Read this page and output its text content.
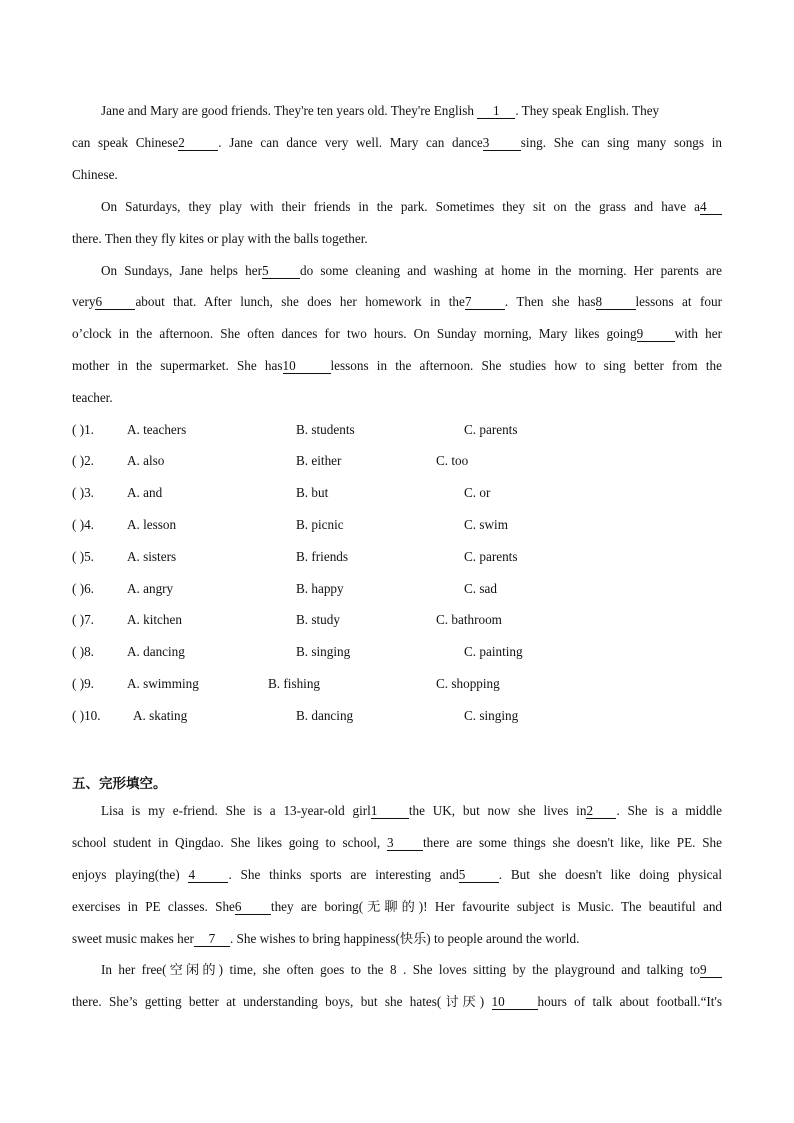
Jane and Mary are good friends. They're ten years old. They're English 1 . They speak English. They
can speak Chinese2	. Jane can dance very well. Mary can dance3 sing. She can sing many songs in
Chinese.
On Saturdays, they play with their friends in the park. Sometimes they sit on the grass and have a4
there. Then they fly kites or play with the balls together.
On Sundays, Jane helps her5 do some cleaning and washing at home in the morning. Her parents are
very6	about that. After lunch, she does her homework in the7	. Then she has8	lessons at four
o’clock in the afternoon. She often dances for two hours. On Sunday morning, Mary likes going9 with her
mother in the supermarket. She has10	lessons in the afternoon. She studies how to sing better from the
teacher.
( )1.	A. teachers	B. students	C. parents
( )2.	A. also	B. either	C. too
( )3.	A. and	B. but	C. or
( )4.	A. lesson	B. picnic	C. swim
( )5.	A. sisters	B. friends	C. parents
( )6.	A. angry	B. happy	C. sad
( )7.	A. kitchen	B. study	C. bathroom
( )8.	A. dancing	B. singing	C. painting
( )9.	A. swimming	B. fishing	C. shopping
( )10. A. skating	B. dancing	C. singing
五、完形填空。
Lisa is my e-friend. She is a 13-year-old girl1 the UK, but now she lives in2 . She is a middle
school student in Qingdao. She likes going to school, 3 there are some things she doesn't like, like PE. She
enjoys playing(the) 4	. She thinks sports are interesting and5	. But she doesn't like doing physical
exercises in PE classes. She6 they are boring(无聊的)! Her favourite subject is Music. The beautiful and
sweet music makes her 7 . She wishes to bring happiness(快乐) to people around the world.
In her free(空闲的) time, she often goes to the 8 . She loves sitting by the playground and talking to9
there. She’s getting better at understanding boys, but she hates(讨厌) 10 hours of talk about football.“It's
